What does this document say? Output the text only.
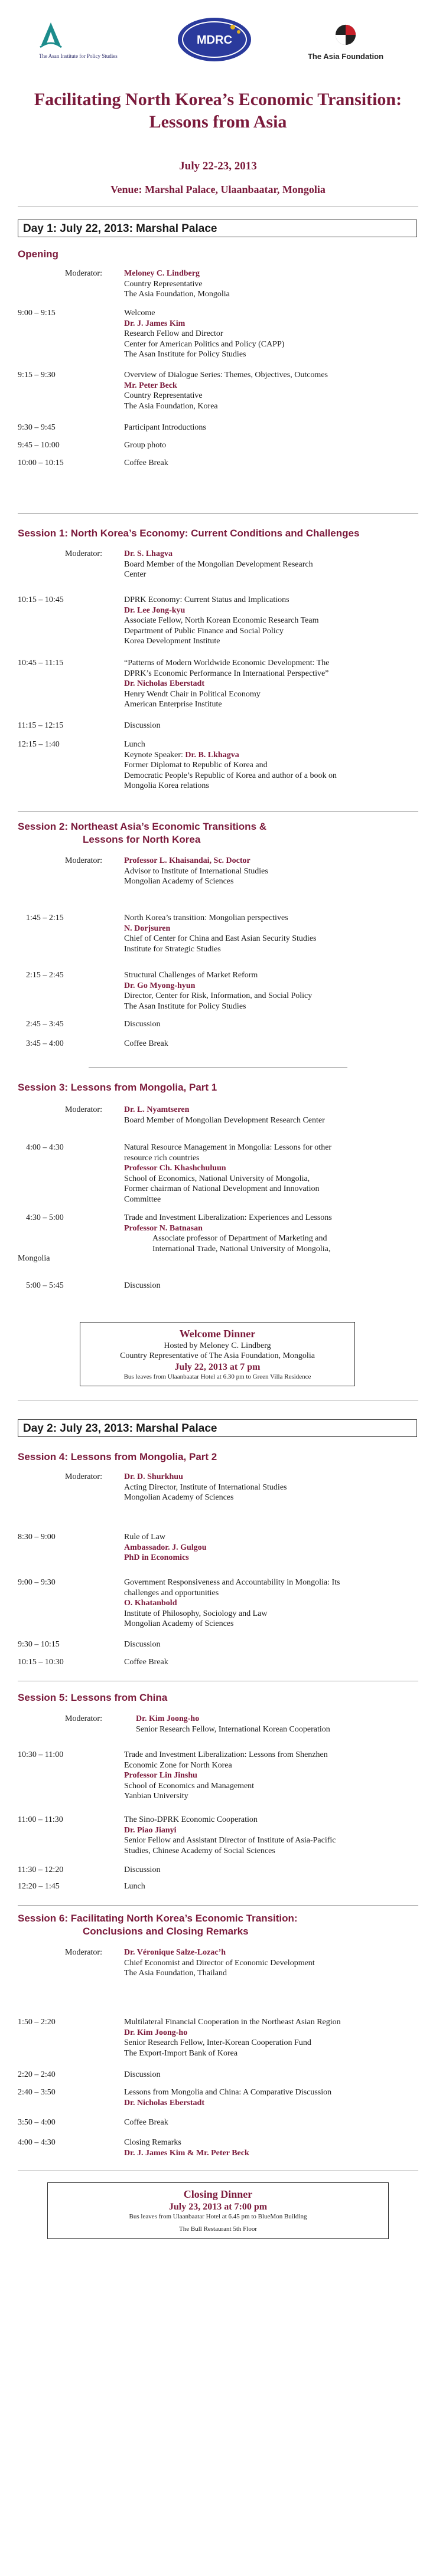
The Asan Institute for Policy Studies
MDRC
The Asia Foundation
Facilitating North Korea’s Economic Transition: Lessons from Asia
July 22-23, 2013
Venue: Marshal Palace, Ulaanbaatar, Mongolia
Day 1: July 22, 2013: Marshal Palace
Opening
Moderator:	Meloney C. Lindberg
Country Representative
The Asia Foundation, Mongolia
9:00 – 9:15	Welcome
Dr. J. James Kim
Research Fellow and Director
Center for American Politics and Policy (CAPP)
The Asan Institute for Policy Studies
9:15 – 9:30	Overview of Dialogue Series: Themes, Objectives, Outcomes
Mr. Peter Beck
Country Representative
The Asia Foundation, Korea
9:30 – 9:45	Participant Introductions
9:45 – 10:00	Group photo
10:00 – 10:15	Coffee Break
Session 1: North Korea’s Economy: Current Conditions and Challenges
Moderator:	Dr. S. Lhagva
Board Member of the Mongolian Development Research
Center
10:15 – 10:45	DPRK Economy: Current Status and Implications
Dr. Lee Jong-kyu
Associate Fellow, North Korean Economic Research Team
Department of Public Finance and Social Policy
Korea Development Institute
10:45 – 11:15	“Patterns of Modern Worldwide Economic Development: The
DPRK’s Economic Performance In International Perspective”
Dr. Nicholas Eberstadt
Henry Wendt Chair in Political Economy
American Enterprise Institute
11:15 – 12:15	Discussion
12:15 – 1:40	Lunch
Keynote Speaker: Dr. B. Lkhagva
Former Diplomat to Republic of Korea and
Democratic People’s Republic of Korea and author of a book on
Mongolia Korea relations
Session 2: Northeast Asia’s Economic Transitions &
Lessons for North Korea
Moderator:	Professor L. Khaisandai, Sc. Doctor
Advisor to Institute of International Studies
Mongolian Academy of Sciences
1:45 – 2:15	North Korea’s transition: Mongolian perspectives
N. Dorjsuren
Chief of Center for China and East Asian Security Studies
Institute for Strategic Studies
2:15 – 2:45	Structural Challenges of Market Reform
Dr. Go Myong-hyun
Director, Center for Risk, Information, and Social Policy
The Asan Institute for Policy Studies
2:45 – 3:45	Discussion
3:45 – 4:00	Coffee Break
Session 3: Lessons from Mongolia, Part 1
Moderator:	Dr. L. Nyamtseren
Board Member of Mongolian Development Research Center
4:00 – 4:30	Natural Resource Management in Mongolia: Lessons for other
resource rich countries
Professor Ch. Khashchuluun
School of Economics, National University of Mongolia,
Former chairman of National Development and Innovation
Committee
4:30 – 5:00	Trade and Investment Liberalization: Experiences and Lessons
Professor N. Batnasan
Associate professor of Department of Marketing and
International Trade, National University of Mongolia,
Mongolia
5:00 – 5:45	Discussion
Welcome Dinner
Hosted by Meloney C. Lindberg
Country Representative of The Asia Foundation, Mongolia
July 22, 2013 at 7 pm
Bus leaves from Ulaanbaatar Hotel at 6.30 pm to Green Villa Residence
Day 2: July 23, 2013: Marshal Palace
Session 4: Lessons from Mongolia, Part 2
Moderator:	Dr. D. Shurkhuu
Acting Director, Institute of International Studies
Mongolian Academy of Sciences
8:30 – 9:00	Rule of Law
Ambassador. J. Gulgou
PhD in Economics
9:00 – 9:30	Government Responsiveness and Accountability in Mongolia: Its
challenges and opportunities
O. Khatanbold
Institute of Philosophy, Sociology and Law
Mongolian Academy of Sciences
9:30 – 10:15	Discussion
10:15 – 10:30	Coffee Break
Session 5: Lessons from China
Moderator:	Dr. Kim Joong-ho
Senior Research Fellow, International Korean Cooperation
10:30 – 11:00	Trade and Investment Liberalization: Lessons from Shenzhen
Economic Zone for North Korea
Professor Lin Jinshu
School of Economics and Management
Yanbian University
11:00 – 11:30	The Sino-DPRK Economic Cooperation
Dr. Piao Jianyi
Senior Fellow and Assistant Director of Institute of Asia-Pacific
Studies, Chinese Academy of Social Sciences
11:30 – 12:20	Discussion
12:20 – 1:45	Lunch
Session 6: Facilitating North Korea’s Economic Transition:
Conclusions and Closing Remarks
Moderator:	Dr. Véronique Salze-Lozac’h
Chief Economist and Director of Economic Development
The Asia Foundation, Thailand
1:50 – 2:20	Multilateral Financial Cooperation in the Northeast Asian Region
Dr. Kim Joong-ho
Senior Research Fellow, Inter-Korean Cooperation Fund
The Export-Import Bank of Korea
2:20 – 2:40	Discussion
2:40 – 3:50	Lessons from Mongolia and China: A Comparative Discussion
Dr. Nicholas Eberstadt
3:50 – 4:00	Coffee Break
4:00 – 4:30	Closing Remarks
Dr. J. James Kim & Mr. Peter Beck
Closing Dinner
July 23, 2013 at 7:00 pm
Bus leaves from Ulaanbaatar Hotel at 6.45 pm to BlueMon Building
The Bull Restaurant 5th Floor
